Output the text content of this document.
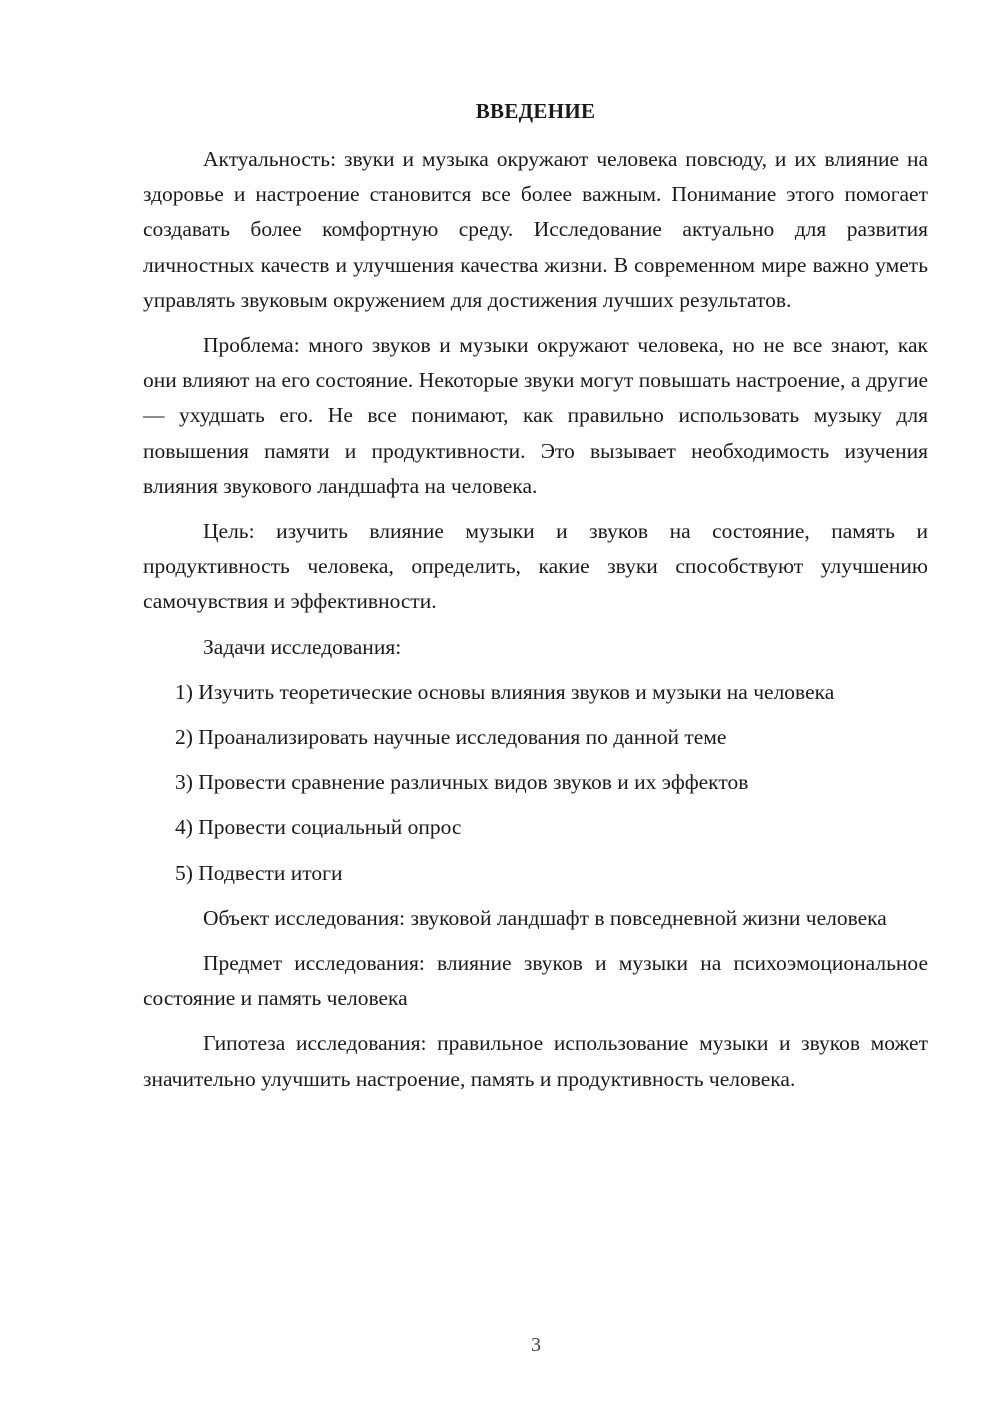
ВВЕДЕНИЕ

Актуальность: звуки и музыка окружают человека повсюду, и их влияние на здоровье и настроение становится все более важным. Понимание этого помогает создавать более комфортную среду. Исследование актуально для развития личностных качеств и улучшения качества жизни. В современном мире важно уметь управлять звуковым окружением для достижения лучших результатов.

Проблема: много звуков и музыки окружают человека, но не все знают, как они влияют на его состояние. Некоторые звуки могут повышать настроение, а другие — ухудшать его. Не все понимают, как правильно использовать музыку для повышения памяти и продуктивности. Это вызывает необходимость изучения влияния звукового ландшафта на человека.

Цель: изучить влияние музыки и звуков на состояние, память и продуктивность человека, определить, какие звуки способствуют улучшению самочувствия и эффективности.

Задачи исследования:

1) Изучить теоретические основы влияния звуков и музыки на человека

2) Проанализировать научные исследования по данной теме

3) Провести сравнение различных видов звуков и их эффектов

4) Провести социальный опрос

5) Подвести итоги

Объект исследования: звуковой ландшафт в повседневной жизни человека

Предмет исследования: влияние звуков и музыки на психоэмоциональное состояние и память человека

Гипотеза исследования: правильное использование музыки и звуков может значительно улучшить настроение, память и продуктивность человека.

3
